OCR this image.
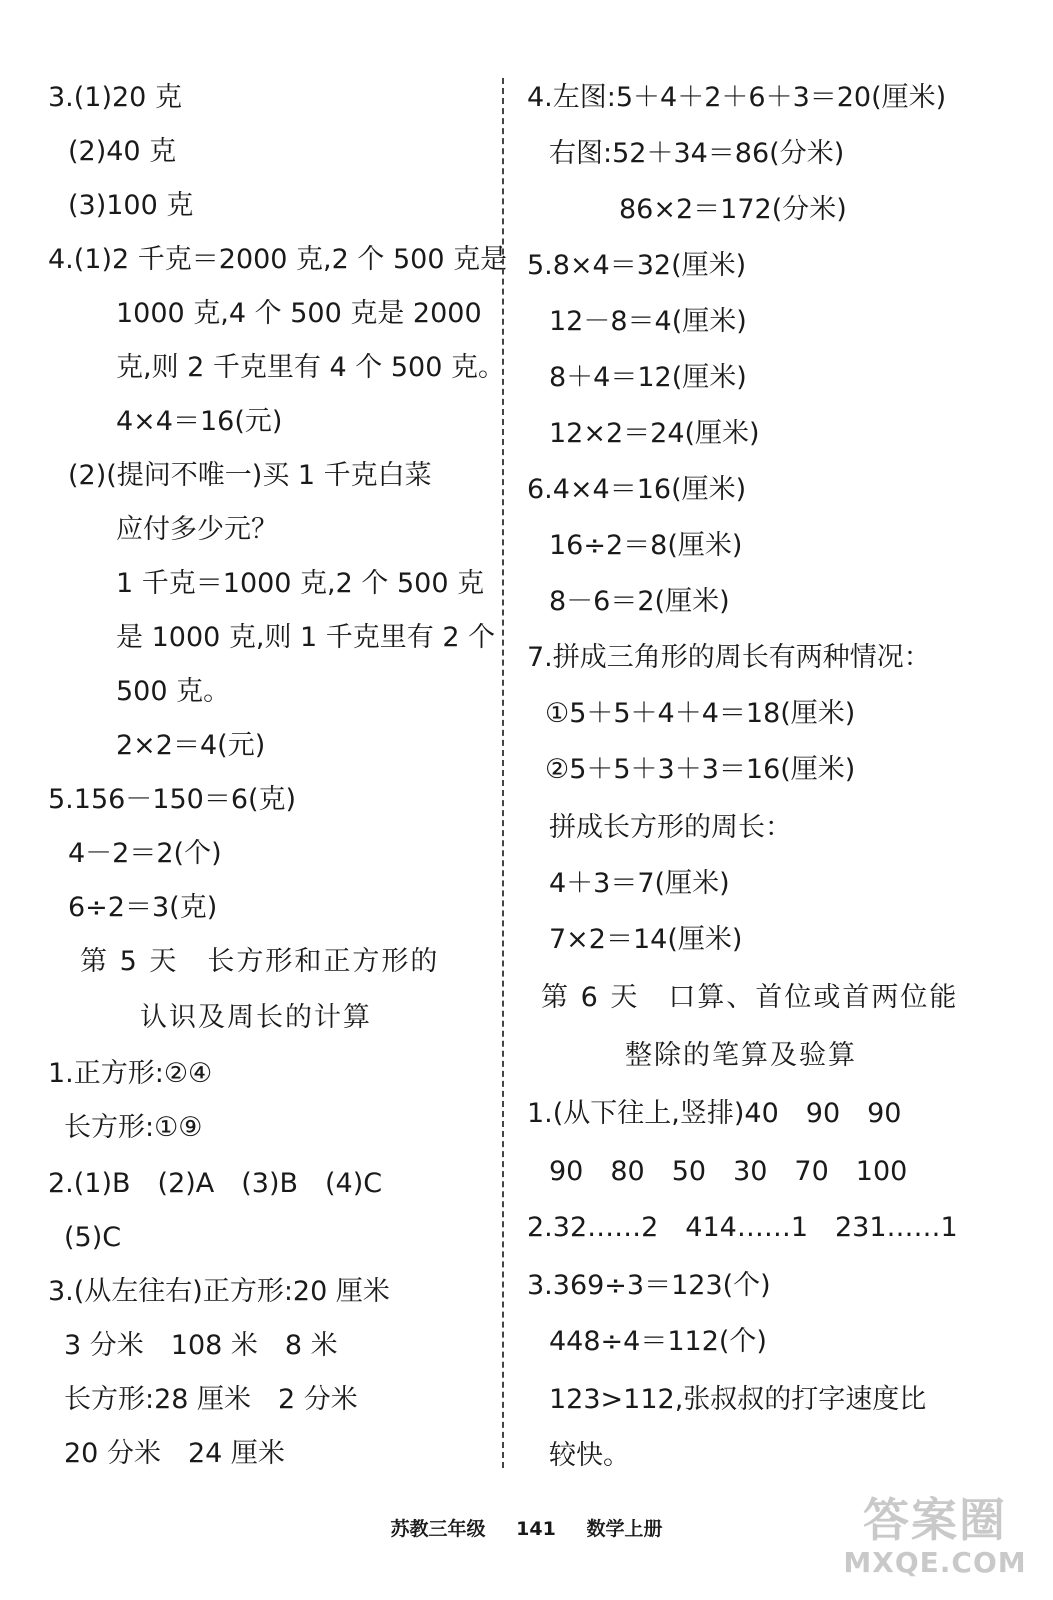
3.(1)20 克
(2)40 克
(3)100 克
4.(1)2 千克＝2000 克,2 个 500 克是
1000 克,4 个 500 克是 2000
克,则 2 千克里有 4 个 500 克。
4×4＝16(元)
(2)(提问不唯一)买 1 千克白菜
应付多少元？
1 千克＝1000 克,2 个 500 克
是 1000 克,则 1 千克里有 2 个
500 克。
2×2＝4(元)
5.156－150＝6(克)
4－2＝2(个)
6÷2＝3(克)
第 5 天　长方形和正方形的
认识及周长的计算
1.正方形:②④
长方形:①⑨
2.(1)B　(2)A　(3)B　(4)C
(5)C
3.(从左往右)正方形:20 厘米
3 分米　108 米　8 米
长方形:28 厘米　2 分米
20 分米　24 厘米
4.左图:5＋4＋2＋6＋3＝20(厘米)
右图:52＋34＝86(分米)
86×2＝172(分米)
5.8×4＝32(厘米)
12－8＝4(厘米)
8＋4＝12(厘米)
12×2＝24(厘米)
6.4×4＝16(厘米)
16÷2＝8(厘米)
8－6＝2(厘米)
7.拼成三角形的周长有两种情况：
①5＋5＋4＋4＝18(厘米)
②5＋5＋3＋3＝16(厘米)
拼成长方形的周长：
4＋3＝7(厘米)
7×2＝14(厘米)
第 6 天　口算、首位或首两位能
整除的笔算及验算
1.(从下往上,竖排)40　90　90
90　80　50　30　70　100
2.32……2　414……1　231……1
3.369÷3＝123(个)
448÷4＝112(个)
123>112,张叔叔的打字速度比
较快。
苏教三年级 141 数学上册	答案圈
MXQE.COM
